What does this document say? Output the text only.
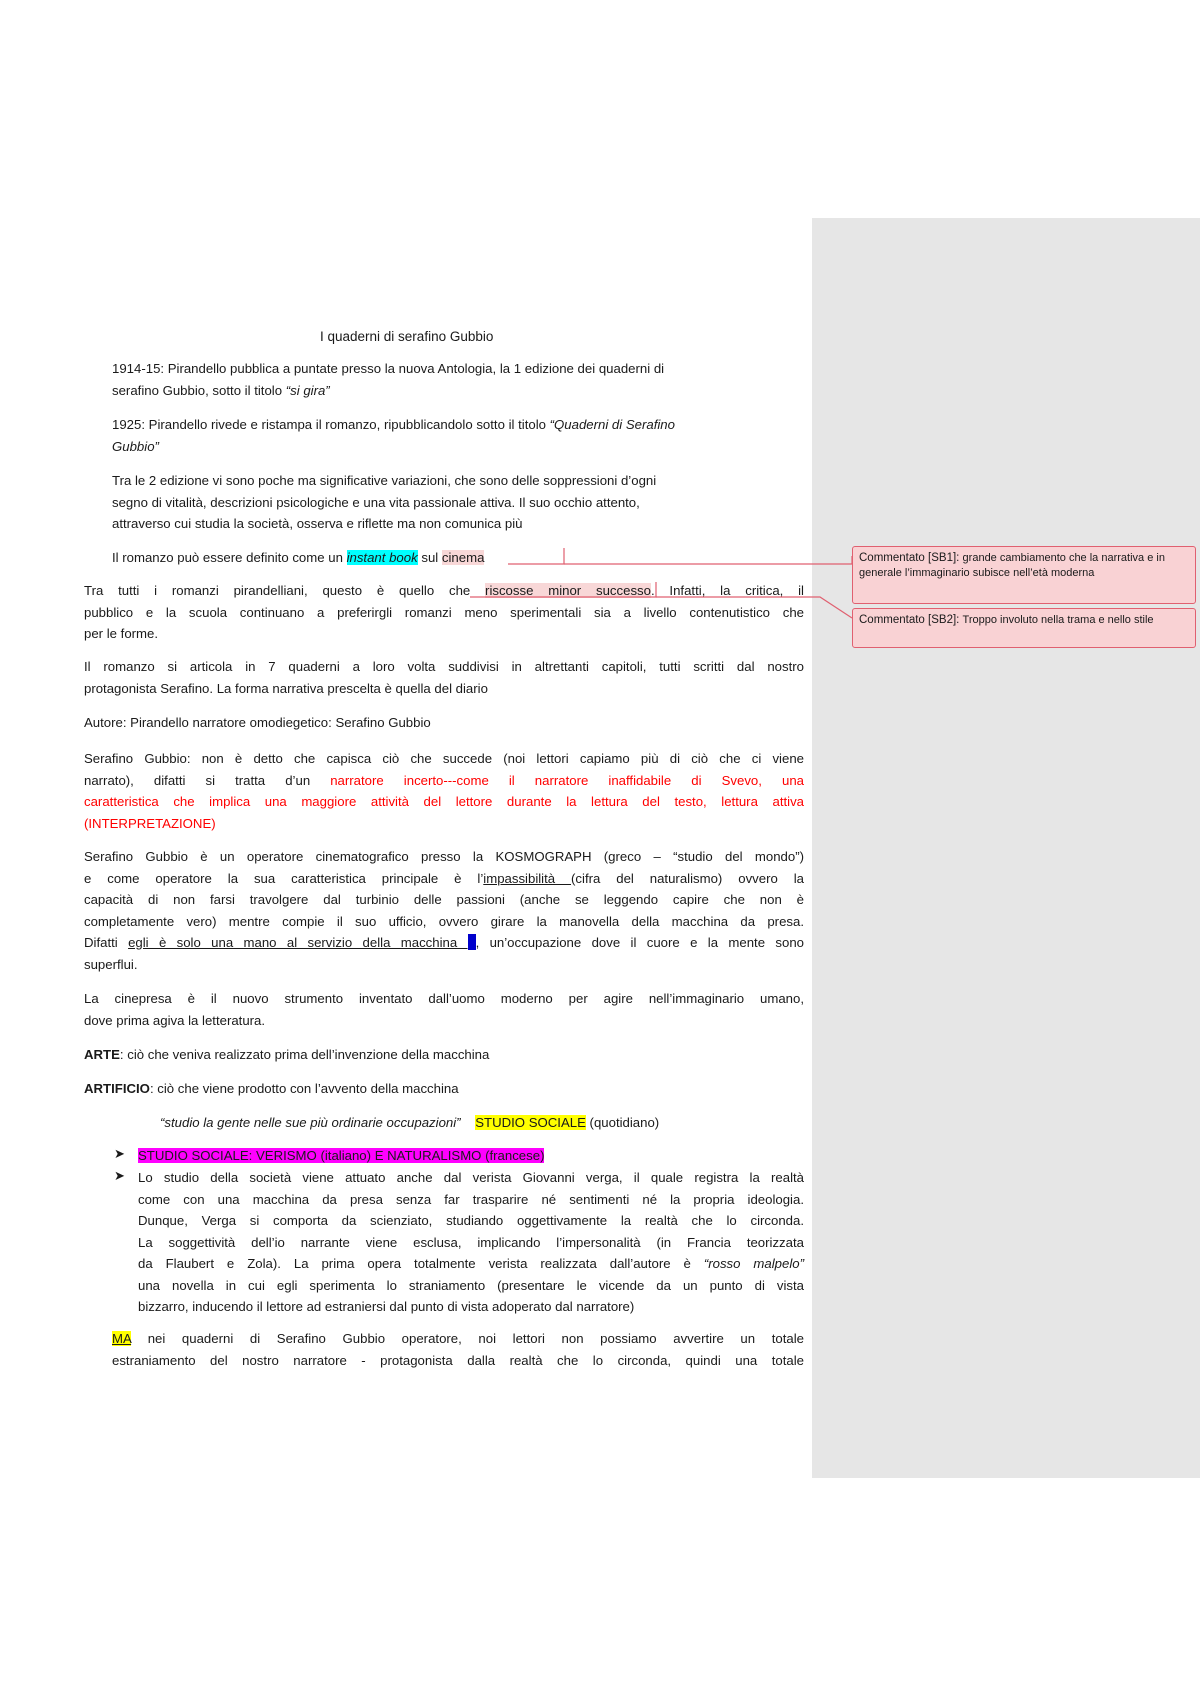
I quaderni di serafino Gubbio
1914-15: Pirandello pubblica a puntate presso la nuova Antologia, la 1 edizione dei quaderni di
serafino Gubbio, sotto il titolo “si gira”
1925: Pirandello rivede e ristampa il romanzo, ripubblicandolo sotto il titolo “Quaderni di Serafino
Gubbio”
Tra le 2 edizione vi sono poche ma significative variazioni, che sono delle soppressioni d’ogni
segno di vitalità, descrizioni psicologiche e una vita passionale attiva. Il suo occhio attento,
attraverso cui studia la società, osserva e riflette ma non comunica più
Il romanzo può essere definito come un instant book sul cinema
Tra tutti i romanzi pirandelliani, questo è quello che riscosse minor successo. Infatti, la critica, il
pubblico e la scuola continuano a preferirgli romanzi meno sperimentali sia a livello contenutistico che
per le forme.
Il romanzo si articola in 7 quaderni a loro volta suddivisi in altrettanti capitoli, tutti scritti dal nostro
protagonista Serafino. La forma narrativa prescelta è quella del diario
Autore: Pirandello narratore omodiegetico: Serafino Gubbio
Serafino Gubbio: non è detto che capisca ciò che succede (noi lettori capiamo più di ciò che ci viene
narrato), difatti si tratta d’un narratore incerto---come il narratore inaffidabile di Svevo, una
caratteristica che implica una maggiore attività del lettore durante la lettura del testo, lettura attiva
(INTERPRETAZIONE)
Serafino Gubbio è un operatore cinematografico presso la KOSMOGRAPH (greco – “studio del mondo”)
e come operatore la sua caratteristica principale è l’impassibilità (cifra del naturalismo) ovvero la
capacità di non farsi travolgere dal turbinio delle passioni (anche se leggendo capire che non è
completamente vero) mentre compie il suo ufficio, ovvero girare la manovella della macchina da presa.
Difatti egli è solo una mano al servizio della macchina , un’occupazione dove il cuore e la mente sono
superflui.
La cinepresa è il nuovo strumento inventato dall’uomo moderno per agire nell’immaginario umano,
dove prima agiva la letteratura.
ARTE: ciò che veniva realizzato prima dell’invenzione della macchina
ARTIFICIO: ciò che viene prodotto con l’avvento della macchina
“studio la gente nelle sue più ordinarie occupazioni” STUDIO SOCIALE (quotidiano)
➤ STUDIO SOCIALE: VERISMO (italiano) E NATURALISMO (francese)
➤ Lo studio della società viene attuato anche dal verista Giovanni verga, il quale registra la realtà
come con una macchina da presa senza far trasparire né sentimenti né la propria ideologia.
Dunque, Verga si comporta da scienziato, studiando oggettivamente la realtà che lo circonda.
La soggettività dell’io narrante viene esclusa, implicando l’impersonalità (in Francia teorizzata
da Flaubert e Zola). La prima opera totalmente verista realizzata dall’autore è “rosso malpelo”
una novella in cui egli sperimenta lo straniamento (presentare le vicende da un punto di vista
bizzarro, inducendo il lettore ad estraniersi dal punto di vista adoperato dal narratore)
MA nei quaderni di Serafino Gubbio operatore, noi lettori non possiamo avvertire un totale
estraniamento del nostro narratore - protagonista dalla realtà che lo circonda, quindi una totale
Commentato [SB1]: grande cambiamento che la narrativa e in generale l’immaginario subisce nell’età moderna
Commentato [SB2]: Troppo involuto nella trama e nello stile
